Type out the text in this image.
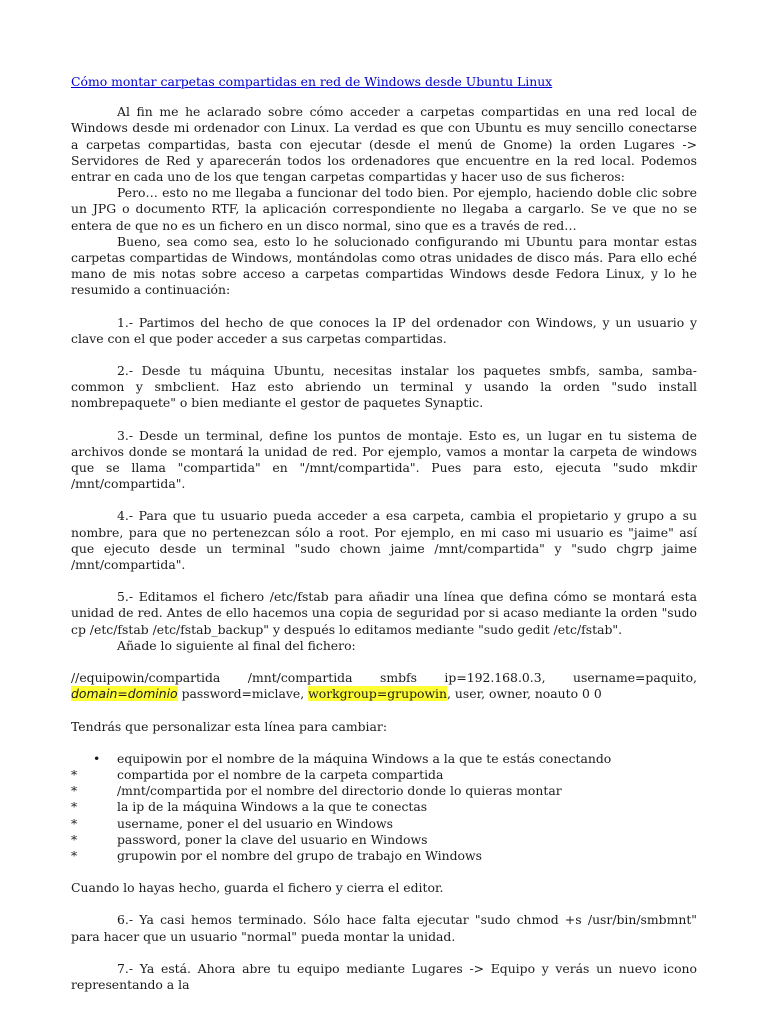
Cómo montar carpetas compartidas en red de Windows desde Ubuntu Linux

Al fin me he aclarado sobre cómo acceder a carpetas compartidas en una red local de Windows desde mi ordenador con Linux. La verdad es que con Ubuntu es muy sencillo conectarse a carpetas compartidas, basta con ejecutar (desde el menú de Gnome) la orden Lugares -> Servidores de Red y aparecerán todos los ordenadores que encuentre en la red local. Podemos entrar en cada uno de los que tengan carpetas compartidas y hacer uso de sus ficheros:

Pero… esto no me llegaba a funcionar del todo bien. Por ejemplo, haciendo doble clic sobre un JPG o documento RTF, la aplicación correspondiente no llegaba a cargarlo. Se ve que no se entera de que no es un fichero en un disco normal, sino que es a través de red…

Bueno, sea como sea, esto lo he solucionado configurando mi Ubuntu para montar estas carpetas compartidas de Windows, montándolas como otras unidades de disco más. Para ello eché mano de mis notas sobre acceso a carpetas compartidas Windows desde Fedora Linux, y lo he resumido a continuación:

1.- Partimos del hecho de que conoces la IP del ordenador con Windows, y un usuario y clave con el que poder acceder a sus carpetas compartidas.

2.- Desde tu máquina Ubuntu, necesitas instalar los paquetes smbfs, samba, samba-common y smbclient. Haz esto abriendo un terminal y usando la orden "sudo install nombrepaquete" o bien mediante el gestor de paquetes Synaptic.

3.- Desde un terminal, define los puntos de montaje. Esto es, un lugar en tu sistema de archivos donde se montará la unidad de red. Por ejemplo, vamos a montar la carpeta de windows que se llama "compartida" en "/mnt/compartida". Pues para esto, ejecuta "sudo mkdir /mnt/compartida".

4.- Para que tu usuario pueda acceder a esa carpeta, cambia el propietario y grupo a su nombre, para que no pertenezcan sólo a root. Por ejemplo, en mi caso mi usuario es "jaime" así que ejecuto desde un terminal "sudo chown jaime /mnt/compartida" y "sudo chgrp jaime /mnt/compartida".

5.- Editamos el fichero /etc/fstab para añadir una línea que defina cómo se montará esta unidad de red. Antes de ello hacemos una copia de seguridad por si acaso mediante la orden "sudo cp /etc/fstab /etc/fstab_backup" y después lo editamos mediante "sudo gedit /etc/fstab".

Añade lo siguiente al final del fichero:

//equipowin/compartida /mnt/compartida smbfs ip=192.168.0.3, username=paquito, domain=dominio password=miclave, workgroup=grupowin, user, owner, noauto 0 0

Tendrás que personalizar esta línea para cambiar:

•	equipowin por el nombre de la máquina Windows a la que te estás conectando
*	compartida por el nombre de la carpeta compartida
*	/mnt/compartida por el nombre del directorio donde lo quieras montar
*	la ip de la máquina Windows a la que te conectas
*	username, poner el del usuario en Windows
*	password, poner la clave del usuario en Windows
*	grupowin por el nombre del grupo de trabajo en Windows

Cuando lo hayas hecho, guarda el fichero y cierra el editor.

6.- Ya casi hemos terminado. Sólo hace falta ejecutar "sudo chmod +s /usr/bin/smbmnt" para hacer que un usuario "normal" pueda montar la unidad.

7.- Ya está. Ahora abre tu equipo mediante Lugares -> Equipo y verás un nuevo icono representando a la
